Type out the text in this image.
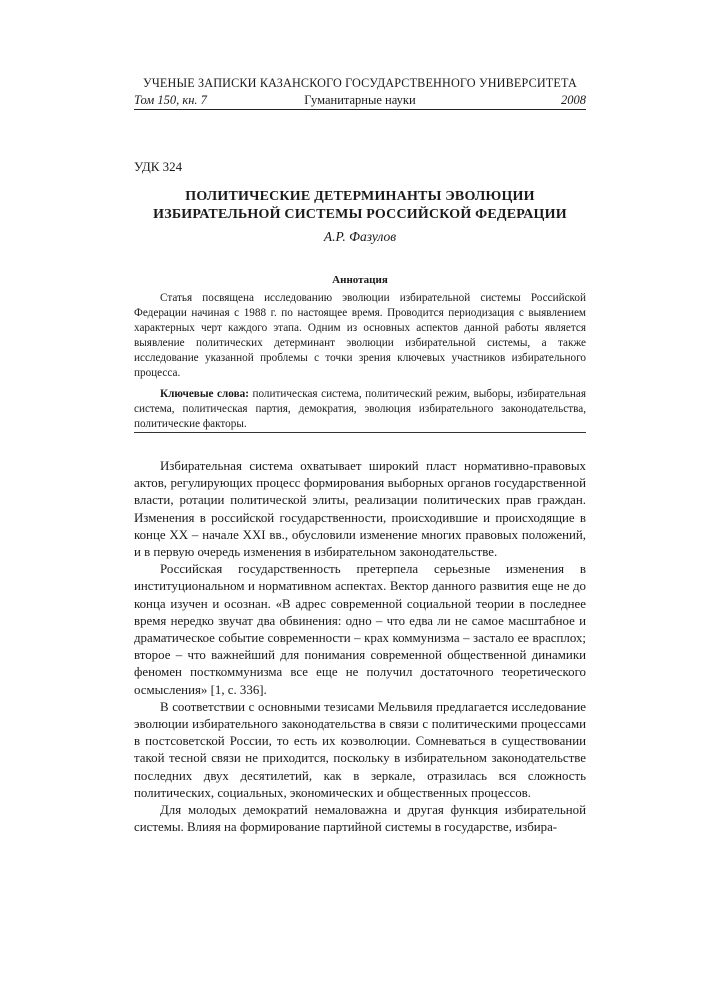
УЧЕНЫЕ ЗАПИСКИ КАЗАНСКОГО ГОСУДАРСТВЕННОГО УНИВЕРСИТЕТА
Гуманитарные науки
Том 150, кн. 7	2008
УДК 324
ПОЛИТИЧЕСКИЕ ДЕТЕРМИНАНТЫ ЭВОЛЮЦИИ
ИЗБИРАТЕЛЬНОЙ СИСТЕМЫ РОССИЙСКОЙ ФЕДЕРАЦИИ
А.Р. Фазулов
Аннотация

Статья посвящена исследованию эволюции избирательной системы Российской Федерации начиная с 1988 г. по настоящее время. Проводится периодизация с выявлением характерных черт каждого этапа. Одним из основных аспектов данной работы является выявление политических детерминант эволюции избирательной системы, а также исследование указанной проблемы с точки зрения ключевых участников избирательного процесса.

Ключевые слова: политическая система, политический режим, выборы, избирательная система, политическая партия, демократия, эволюция избирательного законодательства, политические факторы.

Избирательная система охватывает широкий пласт нормативно-правовых актов, регулирующих процесс формирования выборных органов государственной власти, ротации политической элиты, реализации политических прав граждан. Изменения в российской государственности, происходившие и происходящие в конце XX – начале XXI вв., обусловили изменение многих правовых положений, и в первую очередь изменения в избирательном законодательстве.

Российская государственность претерпела серьезные изменения в институциональном и нормативном аспектах. Вектор данного развития еще не до конца изучен и осознан. «В адрес современной социальной теории в последнее время нередко звучат два обвинения: одно – что едва ли не самое масштабное и драматическое событие современности – крах коммунизма – застало ее врасплох; второе – что важнейший для понимания современной общественной динамики феномен посткоммунизма все еще не получил достаточного теоретического осмысления» [1, с. 336].

В соответствии с основными тезисами Мельвиля предлагается исследование эволюции избирательного законодательства в связи с политическими процессами в постсоветской России, то есть их коэволюции. Сомневаться в существовании такой тесной связи не приходится, поскольку в избирательном законодательстве последних двух десятилетий, как в зеркале, отразилась вся сложность политических, социальных, экономических и общественных процессов.

Для молодых демократий немаловажна и другая функция избирательной системы. Влияя на формирование партийной системы в государстве, избира-
